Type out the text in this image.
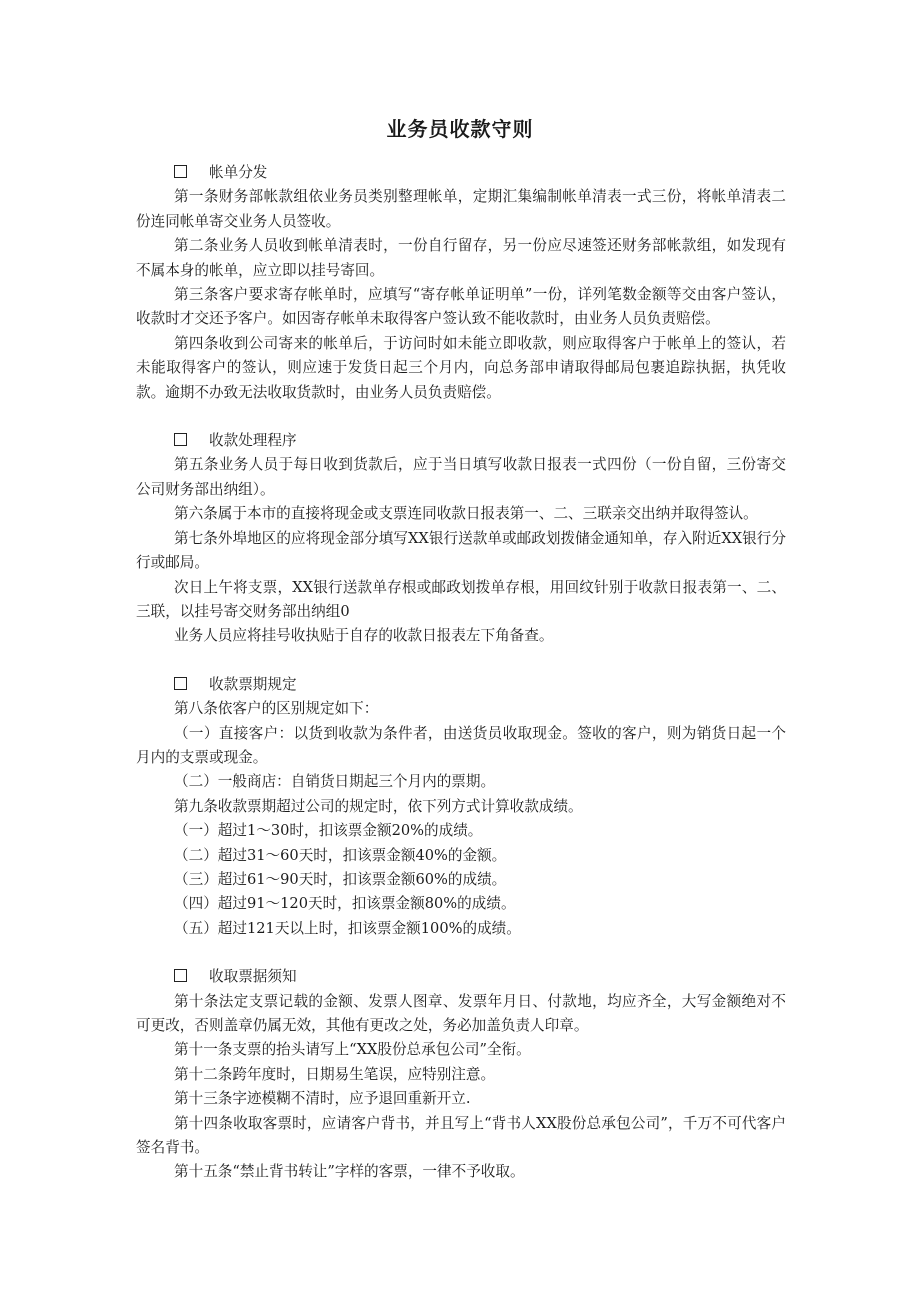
业务员收款守则
帐单分发

第一条财务部帐款组依业务员类别整理帐单，定期汇集编制帐单清表一式三份，将帐单清表二份连同帐单寄交业务人员签收。

第二条业务人员收到帐单清表时，一份自行留存，另一份应尽速签还财务部帐款组，如发现有不属本身的帐单，应立即以挂号寄回。

第三条客户要求寄存帐单时，应填写“寄存帐单证明单”一份，详列笔数金额等交由客户签认，收款时才交还予客户。如因寄存帐单未取得客户签认致不能收款时，由业务人员负责赔偿。

第四条收到公司寄来的帐单后，于访问时如未能立即收款，则应取得客户于帐单上的签认，若未能取得客户的签认，则应速于发货日起三个月内，向总务部申请取得邮局包裹追踪执据，执凭收款。逾期不办致无法收取货款时，由业务人员负责赔偿。

收款处理程序

第五条业务人员于每日收到货款后，应于当日填写收款日报表一式四份（一份自留，三份寄交公司财务部出纳组）。

第六条属于本市的直接将现金或支票连同收款日报表第一、二、三联亲交出纳并取得签认。

第七条外埠地区的应将现金部分填写XX银行送款单或邮政划拨储金通知单，存入附近XX银行分行或邮局。

次日上午将支票，XX银行送款单存根或邮政划拨单存根，用回纹针别于收款日报表第一、二、三联，以挂号寄交财务部出纳组0

业务人员应将挂号收执贴于自存的收款日报表左下角备查。

收款票期规定

第八条依客户的区别规定如下：

（一）直接客户：以货到收款为条件者，由送货员收取现金。签收的客户，则为销货日起一个月内的支票或现金。

（二）一般商店：自销货日期起三个月内的票期。

第九条收款票期超过公司的规定时，依下列方式计算收款成绩。

（一）超过1～30时，扣该票金额20%的成绩。

（二）超过31～60天时，扣该票金额40%的金额。

（三）超过61～90天时，扣该票金额60%的成绩。

（四）超过91～120天时，扣该票金额80%的成绩。

（五）超过121天以上时，扣该票金额100%的成绩。

收取票据须知

第十条法定支票记载的金额、发票人图章、发票年月日、付款地，均应齐全，大写金额绝对不可更改，否则盖章仍属无效，其他有更改之处，务必加盖负责人印章。

第十一条支票的抬头请写上“XX股份总承包公司”全衔。

第十二条跨年度时，日期易生笔误，应特别注意。

第十三条字迹模糊不清时，应予退回重新开立.

第十四条收取客票时，应请客户背书，并且写上“背书人XX股份总承包公司”，千万不可代客户签名背书。

第十五条“禁止背书转让”字样的客票，一律不予收取。
